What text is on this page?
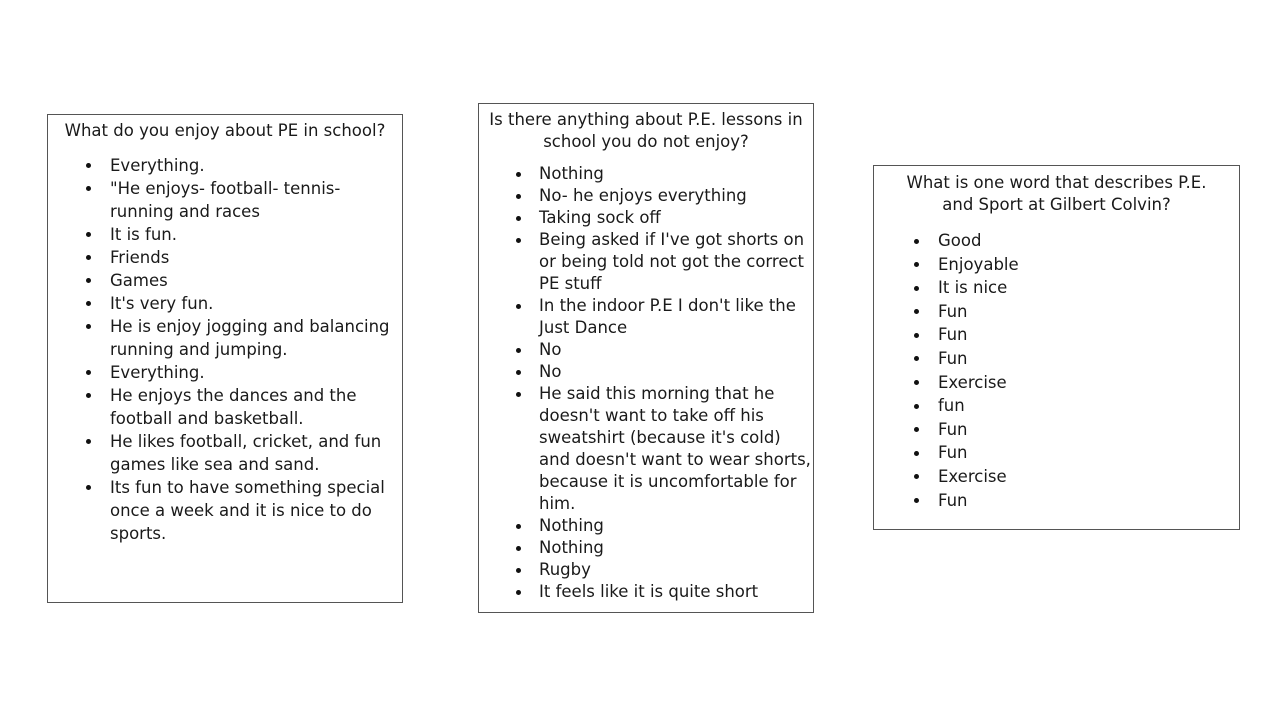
What do you enjoy about PE in school?
Everything.
"He enjoys- football- tennis- running and races
It is fun.
Friends
Games
It's very fun.
He is enjoy jogging and balancing running and jumping.
Everything.
He enjoys the dances and the football and basketball.
He likes football, cricket, and fun games like sea and sand.
Its fun to have something special once a week and it is nice to do sports.
Is there anything about P.E. lessons in school you do not enjoy?
Nothing
No- he enjoys everything
Taking sock off
Being asked if I've got shorts on or being told not got the correct PE stuff
In the indoor P.E I don't like the Just Dance
No
No
He said this morning that he doesn't want to take off his sweatshirt (because it's cold) and doesn't want to wear shorts, because it is uncomfortable for him.
Nothing
Nothing
Rugby
It feels like it is quite short
What is one word that describes P.E. and Sport at Gilbert Colvin?
Good
Enjoyable
It is nice
Fun
Fun
Fun
Exercise
fun
Fun
Fun
Exercise
Fun
